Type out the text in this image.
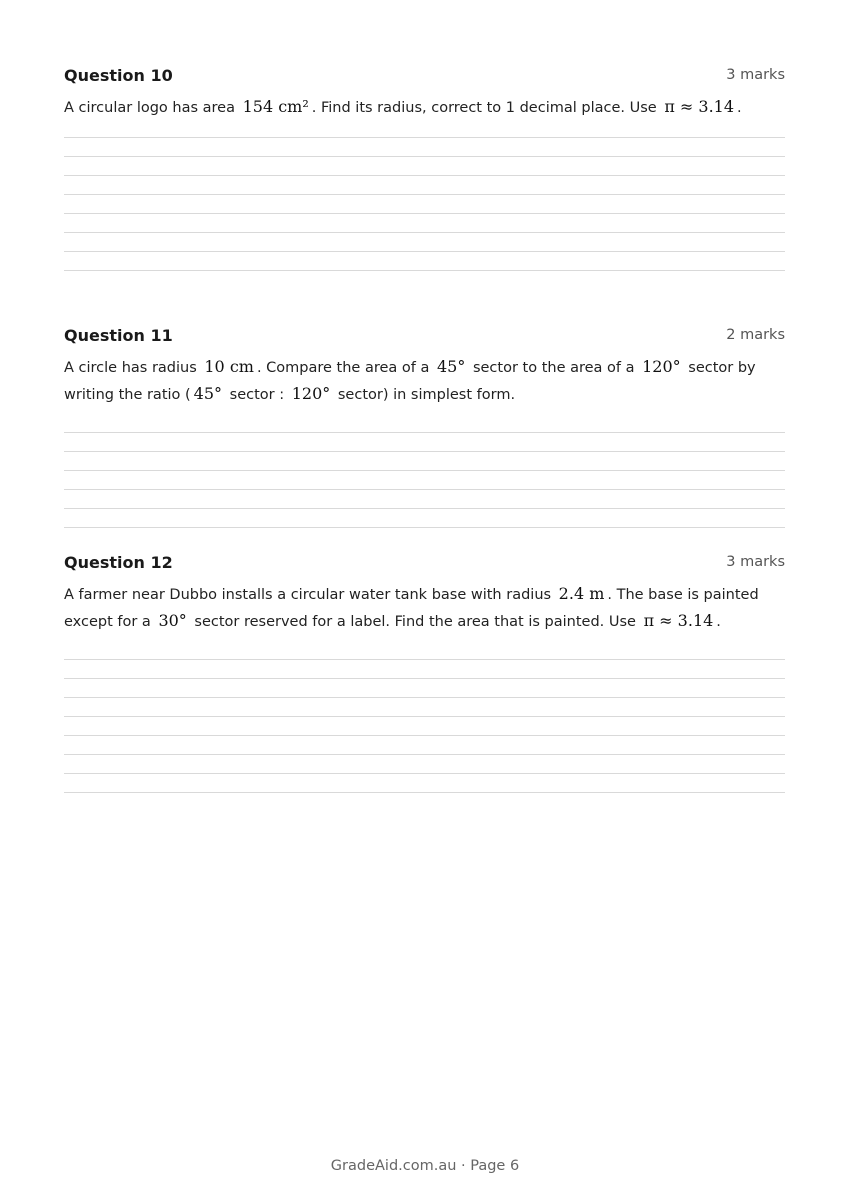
Question 10	3 marks
A circular logo has area 154 cm² . Find its radius, correct to 1 decimal place. Use π ≈ 3.14 .
Question 11	2 marks
A circle has radius 10 cm . Compare the area of a 45° sector to the area of a 120° sector by writing the ratio ( 45° sector : 120° sector) in simplest form.
Question 12	3 marks
A farmer near Dubbo installs a circular water tank base with radius 2.4 m . The base is painted except for a 30° sector reserved for a label. Find the area that is painted. Use π ≈ 3.14 .
GradeAid.com.au · Page 6
